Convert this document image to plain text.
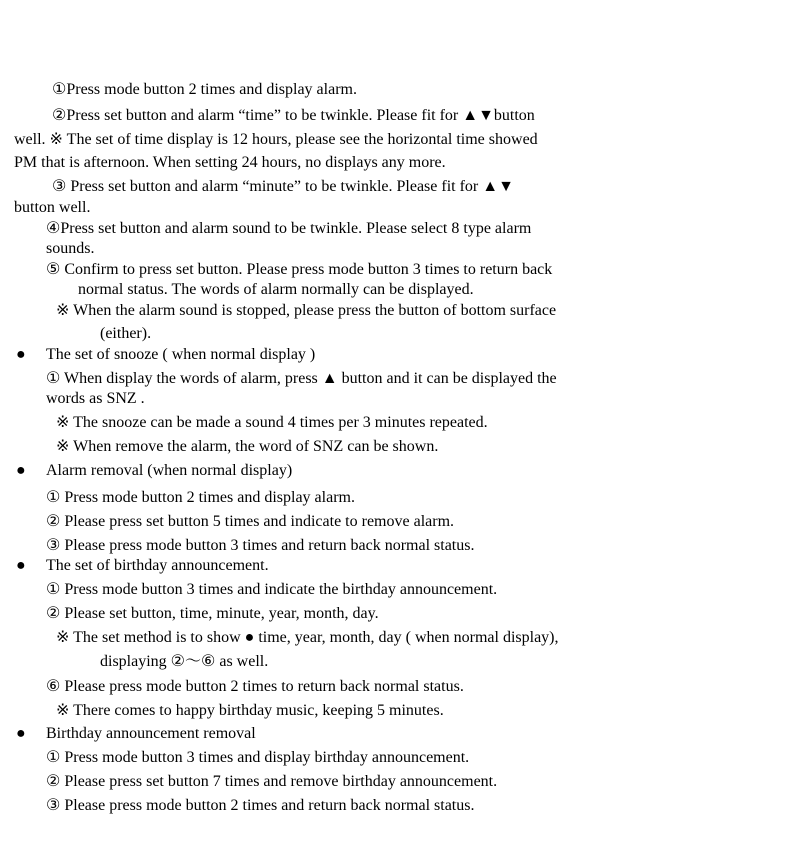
①Press mode button 2 times and display alarm.
②Press set button and alarm “time” to be twinkle. Please fit for ▲▼button
well. ※ The set of time display is 12 hours, please see the horizontal time showed
PM that is afternoon. When setting 24 hours, no displays any more.
③ Press set button and alarm “minute” to be twinkle. Please fit for ▲▼
button well.
④Press set button and alarm sound to be twinkle. Please select 8 type alarm
sounds.
⑤ Confirm to press set button. Please press mode button 3 times to return back
normal status. The words of alarm normally can be displayed.
※ When the alarm sound is stopped, please press the button of bottom surface
(either).
● The set of snooze ( when normal display )
① When display the words of alarm, press ▲ button and it can be displayed the
words as SNZ .
※ The snooze can be made a sound 4 times per 3 minutes repeated.
※ When remove the alarm, the word of SNZ can be shown.
● Alarm removal (when normal display)
① Press mode button 2 times and display alarm.
② Please press set button 5 times and indicate to remove alarm.
③ Please press mode button 3 times and return back normal status.
● The set of birthday announcement.
① Press mode button 3 times and indicate the birthday announcement.
② Please set button, time, minute, year, month, day.
※ The set method is to show ● time, year, month, day ( when normal display),
displaying ②～⑥ as well.
⑥ Please press mode button 2 times to return back normal status.
※ There comes to happy birthday music, keeping 5 minutes.
● Birthday announcement removal
① Press mode button 3 times and display birthday announcement.
② Please press set button 7 times and remove birthday announcement.
③ Please press mode button 2 times and return back normal status.
